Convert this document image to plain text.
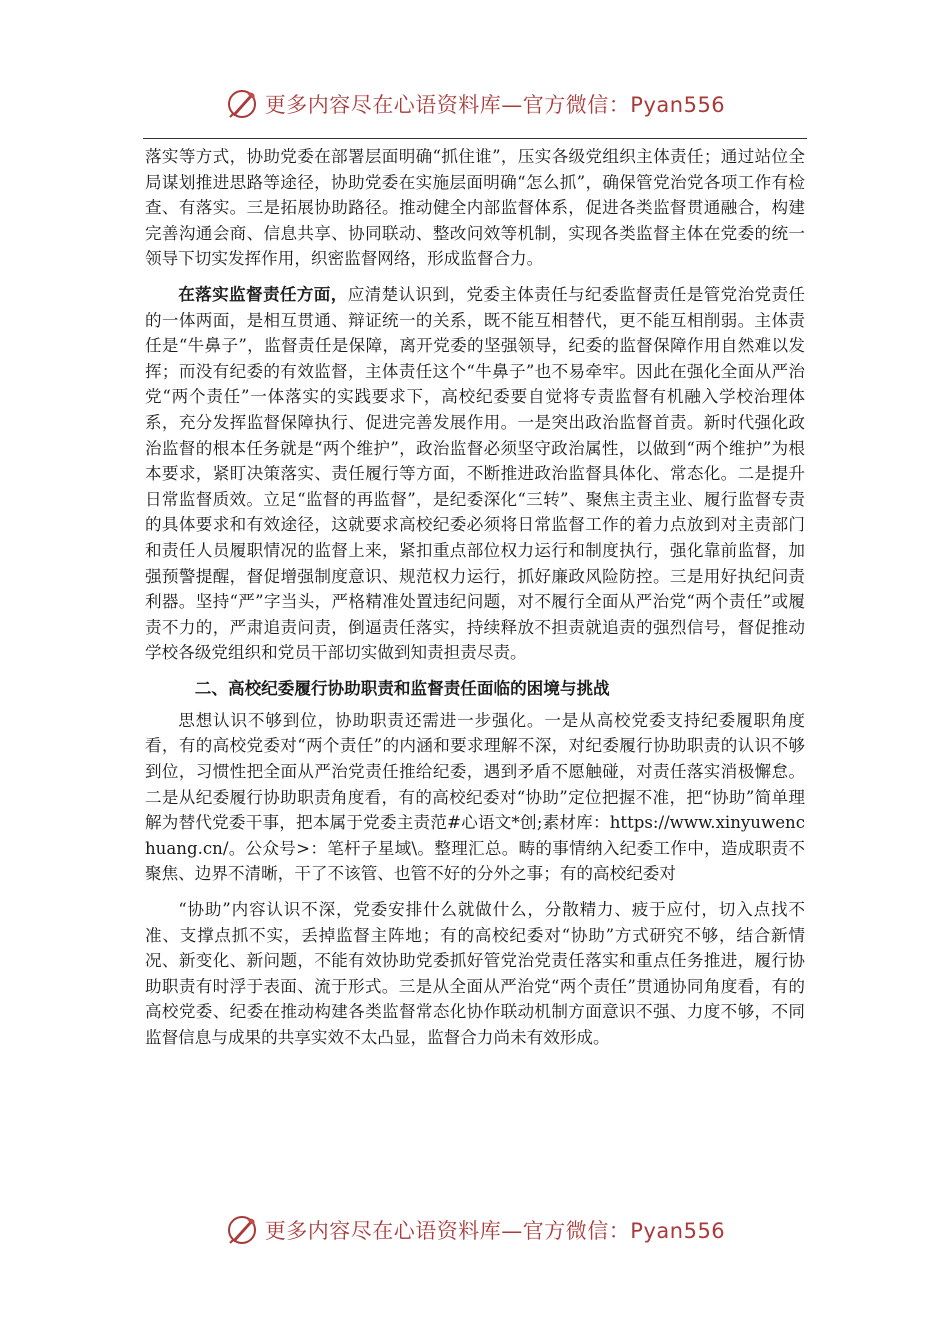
更多内容尽在心语资料库—官方微信：Pyan556

落实等方式，协助党委在部署层面明确“抓住谁”，压实各级党组织主体责任；通过站位全局谋划推进思路等途径，协助党委在实施层面明确“怎么抓”，确保管党治党各项工作有检查、有落实。三是拓展协助路径。推动健全内部监督体系，促进各类监督贯通融合，构建完善沟通会商、信息共享、协同联动、整改问效等机制，实现各类监督主体在党委的统一领导下切实发挥作用，织密监督网络，形成监督合力。

在落实监督责任方面，应清楚认识到，党委主体责任与纪委监督责任是管党治党责任的一体两面，是相互贯通、辩证统一的关系，既不能互相替代，更不能互相削弱。主体责任是“牛鼻子”，监督责任是保障，离开党委的坚强领导，纪委的监督保障作用自然难以发挥；而没有纪委的有效监督，主体责任这个“牛鼻子”也不易牵牢。因此在强化全面从严治党“两个责任”一体落实的实践要求下，高校纪委要自觉将专责监督有机融入学校治理体系，充分发挥监督保障执行、促进完善发展作用。一是突出政治监督首责。新时代强化政治监督的根本任务就是“两个维护”，政治监督必须坚守政治属性，以做到“两个维护”为根本要求，紧盯决策落实、责任履行等方面，不断推进政治监督具体化、常态化。二是提升日常监督质效。立足“监督的再监督”，是纪委深化“三转”、聚焦主责主业、履行监督专责的具体要求和有效途径，这就要求高校纪委必须将日常监督工作的着力点放到对主责部门和责任人员履职情况的监督上来，紧扣重点部位权力运行和制度执行，强化靠前监督，加强预警提醒，督促增强制度意识、规范权力运行，抓好廉政风险防控。三是用好执纪问责利器。坚持“严”字当头，严格精准处置违纪问题，对不履行全面从严治党“两个责任”或履责不力的，严肃追责问责，倒逼责任落实，持续释放不担责就追责的强烈信号，督促推动学校各级党组织和党员干部切实做到知责担责尽责。

二、高校纪委履行协助职责和监督责任面临的困境与挑战

思想认识不够到位，协助职责还需进一步强化。一是从高校党委支持纪委履职角度看，有的高校党委对“两个责任”的内涵和要求理解不深，对纪委履行协助职责的认识不够到位，习惯性把全面从严治党责任推给纪委，遇到矛盾不愿触碰，对责任落实消极懈怠。二是从纪委履行协助职责角度看，有的高校纪委对“协助”定位把握不准，把“协助”简单理解为替代党委干事，把本属于党委主责范#心语文*创;素材库：https://www.xinyuwenchuang.cn/。公众号>：笔杆子星域\。整理汇总。畴的事情纳入纪委工作中，造成职责不聚焦、边界不清晰，干了不该管、也管不好的分外之事；有的高校纪委对

“协助”内容认识不深，党委安排什么就做什么，分散精力、疲于应付，切入点找不准、支撑点抓不实，丢掉监督主阵地；有的高校纪委对“协助”方式研究不够，结合新情况、新变化、新问题，不能有效协助党委抓好管党治党责任落实和重点任务推进，履行协助职责有时浮于表面、流于形式。三是从全面从严治党“两个责任”贯通协同角度看，有的高校党委、纪委在推动构建各类监督常态化协作联动机制方面意识不强、力度不够，不同监督信息与成果的共享实效不太凸显，监督合力尚未有效形成。

更多内容尽在心语资料库—官方微信：Pyan556
